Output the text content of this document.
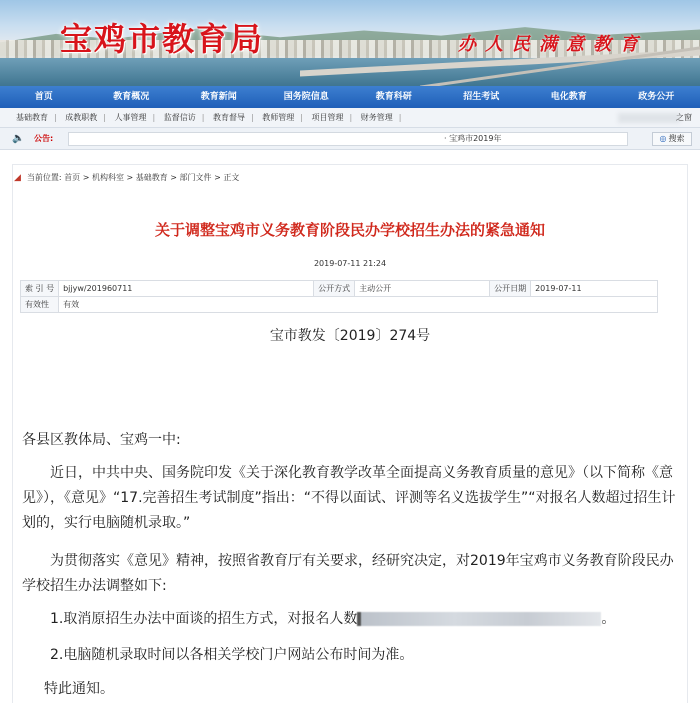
宝鸡市教育局	办人民满意教育
首页	教育概况	教育新闻	国务院信息	教育科研	招生考试	电化教育	政务公开
基础教育 | 成教职教 | 人事管理 | 监督信访 | 教育督导 | 教师管理 | 项目管理 | 财务管理 |	之窗
🔈 公告:	· 宝鸡市2019年	◎ 搜索
◢ 当前位置: 首页 > 机构科室 > 基础教育 > 部门文件 > 正文
关于调整宝鸡市义务教育阶段民办学校招生办法的紧急通知
2019-07-11 21:24
索 引 号	bjjyw/201960711	公开方式	主动公开	公开日期	2019-07-11
有效性	有效				
宝市教发〔2019〕274号
各县区教体局、宝鸡一中:
近日，中共中央、国务院印发《关于深化教育教学改革全面提高义务教育质量的意见》（以下简称《意见》），《意见》“17.完善招生考试制度”指出：“不得以面试、评测等名义选拔学生”“对报名人数超过招生计划的，实行电脑随机录取。”
为贯彻落实《意见》精神，按照省教育厅有关要求，经研究决定，对2019年宝鸡市义务教育阶段民办学校招生办法调整如下:
1.取消原招生办法中面谈的招生方式，对报名人数	。
2.电脑随机录取时间以各相关学校门户网站公布时间为准。
特此通知。
